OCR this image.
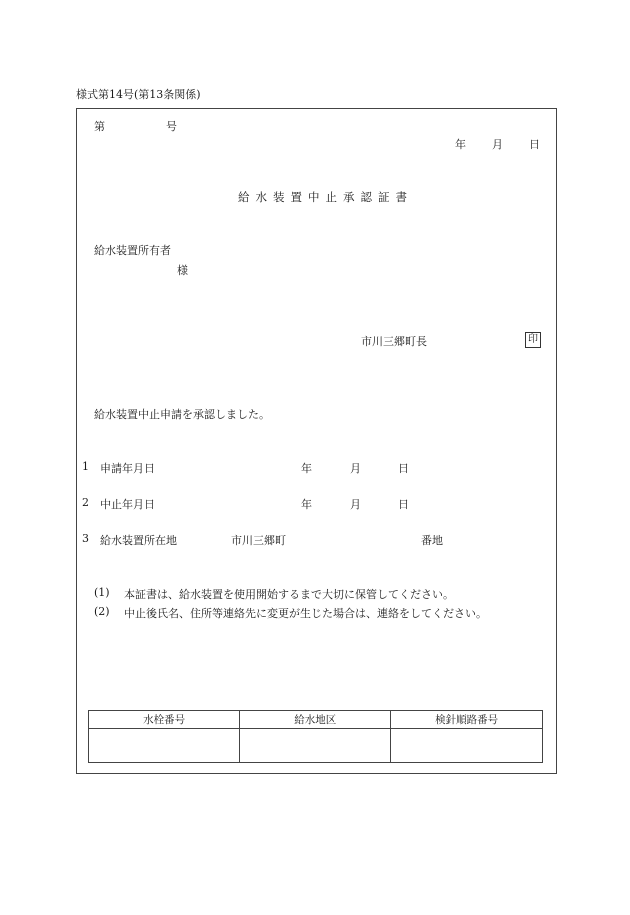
様式第14号(第13条関係)
第	号
年 月 日
給水装置中止承認証書
給水装置所有者
様
市川三郷町長	印
給水装置中止申請を承認しました。
1 申請年月日	年	月	日
2 中止年月日	年	月	日
3 給水装置所在地	市川三郷町	番地
(1) 本証書は、給水装置を使用開始するまで大切に保管してください。
(2) 中止後氏名、住所等連絡先に変更が生じた場合は、連絡をしてください。
水栓番号	給水地区	検針順路番号
